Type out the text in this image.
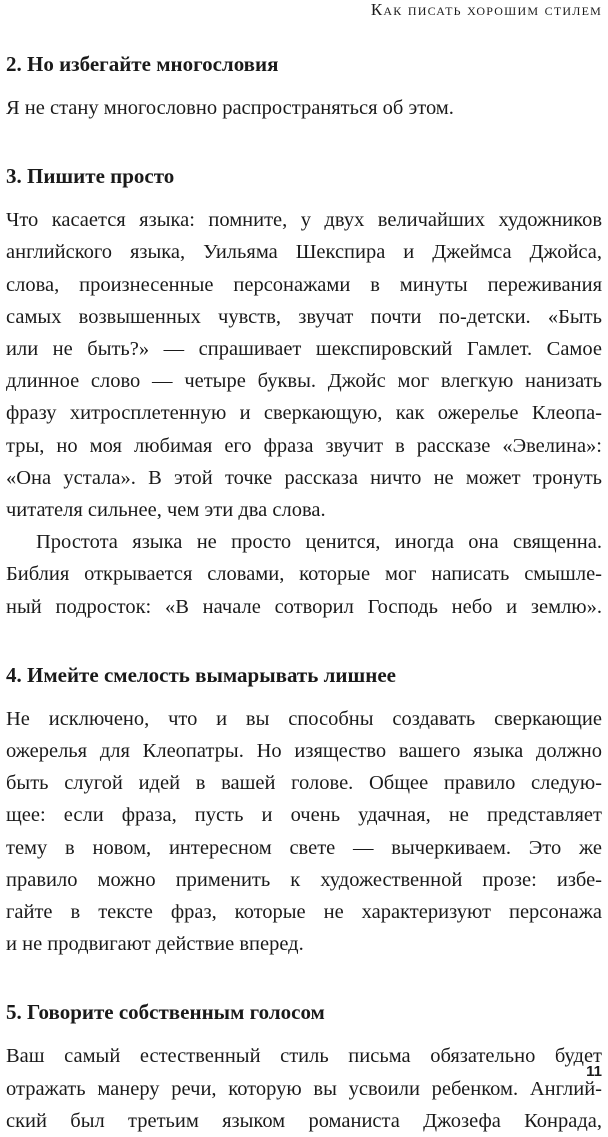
Как писать хорошим стилем
2. Но избегайте многословия
Я не стану многословно распространяться об этом.
3. Пишите просто
Что касается языка: помните, у двух величайших художников
английского языка, Уильяма Шекспира и Джеймса Джойса,
слова, произнесенные персонажами в минуты переживания
самых возвышенных чувств, звучат почти по-детски. «Быть
или не быть?» — спрашивает шекспировский Гамлет. Самое
длинное слово — четыре буквы. Джойс мог влегкую нанизать
фразу хитросплетенную и сверкающую, как ожерелье Клеопа-
тры, но моя любимая его фраза звучит в рассказе «Эвелина»:
«Она устала». В этой точке рассказа ничто не может тронуть
читателя сильнее, чем эти два слова.
Простота языка не просто ценится, иногда она священна.
Библия открывается словами, которые мог написать смышле-
ный подросток: «В начале сотворил Господь небо и землю».
4. Имейте смелость вымарывать лишнее
Не исключено, что и вы способны создавать сверкающие
ожерелья для Клеопатры. Но изящество вашего языка должно
быть слугой идей в вашей голове. Общее правило следую-
щее: если фраза, пусть и очень удачная, не представляет
тему в новом, интересном свете — вычеркиваем. Это же
правило можно применить к художественной прозе: избе-
гайте в тексте фраз, которые не характеризуют персонажа
и не продвигают действие вперед.
5. Говорите собственным голосом
Ваш самый естественный стиль письма обязательно будет
отражать манеру речи, которую вы усвоили ребенком. Англий-
ский был третьим языком романиста Джозефа Конрада,
11
